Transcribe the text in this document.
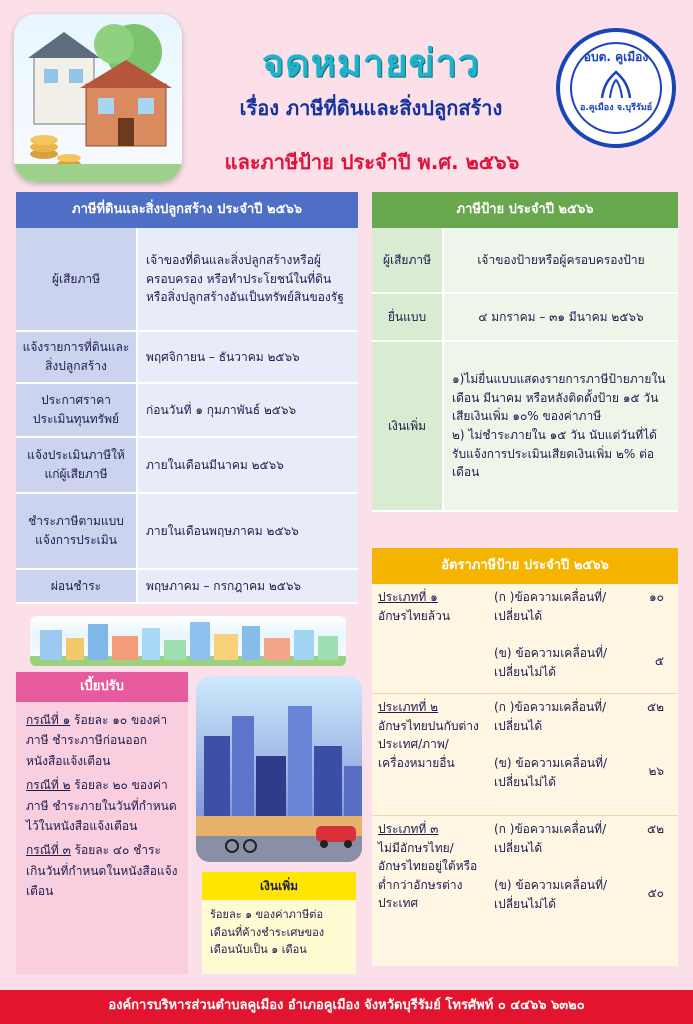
จดหมายข่าว
เรื่อง ภาษีที่ดินและสิ่งปลูกสร้าง
และภาษีป้าย ประจำปี พ.ศ. ๒๕๖๖
อบต. คูเมือง
อ.คูเมือง จ.บุรีรัมย์
ภาษีที่ดินและสิ่งปลูกสร้าง ประจำปี ๒๕๖๖
ผู้เสียภาษี	เจ้าของที่ดินและสิ่งปลูกสร้างหรือผู้ครอบครอง หรือทำประโยชน์ในที่ดิน หรือสิ่งปลูกสร้างอันเป็นทรัพย์สินของรัฐ
แจ้งรายการที่ดินและสิ่งปลูกสร้าง	พฤศจิกายน – ธันวาคม ๒๕๖๖
ประกาศราคาประเมินทุนทรัพย์	ก่อนวันที่ ๑ กุมภาพันธ์ ๒๕๖๖
แจ้งประเมินภาษีให้แก่ผู้เสียภาษี	ภายในเดือนมีนาคม ๒๕๖๖
ชำระภาษีตามแบบแจ้งการประเมิน	ภายในเดือนพฤษภาคม ๒๕๖๖
ผ่อนชำระ	พฤษภาคม – กรกฎาคม ๒๕๖๖
ภาษีป้าย ประจำปี ๒๕๖๖
ผู้เสียภาษี	เจ้าของป้ายหรือผู้ครอบครองป้าย
ยื่นแบบ	๔ มกราคม – ๓๑ มีนาคม ๒๕๖๖
เงินเพิ่ม	๑)ไม่ยื่นแบบแสดงรายการภาษีป้ายภายในเดือน มีนาคม หรือหลังติดตั้งป้าย ๑๕ วัน เสียเงินเพิ่ม ๑๐% ของค่าภาษี
๒) ไม่ชำระภายใน ๑๕ วัน นับแต่วันที่ได้รับแจ้งการประเมินเสียดเงินเพิ่ม ๒% ต่อเดือน
อัตราภาษีป้าย ประจำปี ๒๕๖๖
ประเภทที่ ๑
อักษรไทยล้วน	(ก )ข้อความเคลื่อนที่/เปลี่ยนได้	๑๐
	(ข) ข้อความเคลื่อนที่/เปลี่ยนไม่ได้	๕
ประเภทที่ ๒
อักษรไทยปนกับต่างประเทศ/ภาพ/เครื่องหมายอื่น	(ก )ข้อความเคลื่อนที่/เปลี่ยนได้	๕๒
	(ข) ข้อความเคลื่อนที่/เปลี่ยนไม่ได้	๒๖
ประเภทที่ ๓
ไม่มีอักษรไทย/อักษรไทยอยู่ใต้หรือต่ำกว่าอักษรต่างประเทศ	(ก )ข้อความเคลื่อนที่/เปลี่ยนได้	๕๒
	(ข) ข้อความเคลื่อนที่/เปลี่ยนไม่ได้	๕๐
เบี้ยปรับ

กรณีที่ ๑ ร้อยละ ๑๐ ของค่าภาษี ชำระภาษีก่อนออกหนังสือแจ้งเตือน

กรณีที่ ๒ ร้อยละ ๒๐ ของค่าภาษี ชำระภายในวันที่กำหนดไว้ในหนังสือแจ้งเตือน

กรณีที่ ๓ ร้อยละ ๔๐ ชำระเกินวันที่กำหนดในหนังสือแจ้งเตือน	เงินเพิ่ม
ร้อยละ ๑ ของค่าภาษีต่อเดือนที่ค้างชำระเศษของเดือนนับเป็น ๑ เดือน
องค์การบริหารส่วนตำบลคูเมือง อำเภอคูเมือง จังหวัดบุรีรัมย์ โทรศัพท์ ๐ ๔๔๖๖ ๖๓๒๐
